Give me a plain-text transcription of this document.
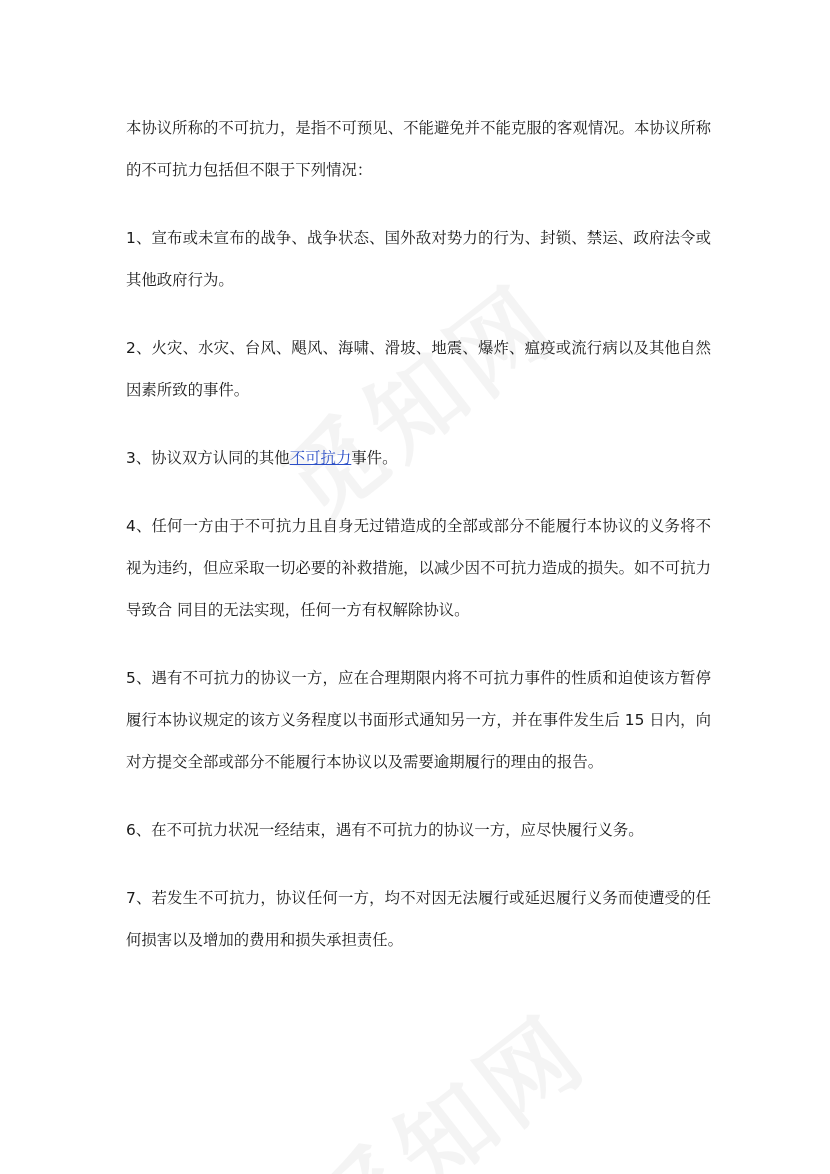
本协议所称的不可抗力，是指不可预见、不能避免并不能克服的客观情况。本协议所称的不可抗力包括但不限于下列情况：

1、宣布或未宣布的战争、战争状态、国外敌对势力的行为、封锁、禁运、政府法令或其他政府行为。

2、火灾、水灾、台风、飓风、海啸、滑坡、地震、爆炸、瘟疫或流行病以及其他自然因素所致的事件。

3、协议双方认同的其他不可抗力事件。

4、任何一方由于不可抗力且自身无过错造成的全部或部分不能履行本协议的义务将不视为违约，但应采取一切必要的补救措施，以减少因不可抗力造成的损失。如不可抗力导致合 同目的无法实现，任何一方有权解除协议。

5、遇有不可抗力的协议一方，应在合理期限内将不可抗力事件的性质和迫使该方暂停履行本协议规定的该方义务程度以书面形式通知另一方，并在事件发生后 15 日内，向对方提交全部或部分不能履行本协议以及需要逾期履行的理由的报告。

6、在不可抗力状况一经结束，遇有不可抗力的协议一方，应尽快履行义务。

7、若发生不可抗力，协议任何一方，均不对因无法履行或延迟履行义务而使遭受的任何损害以及增加的费用和损失承担责任。
